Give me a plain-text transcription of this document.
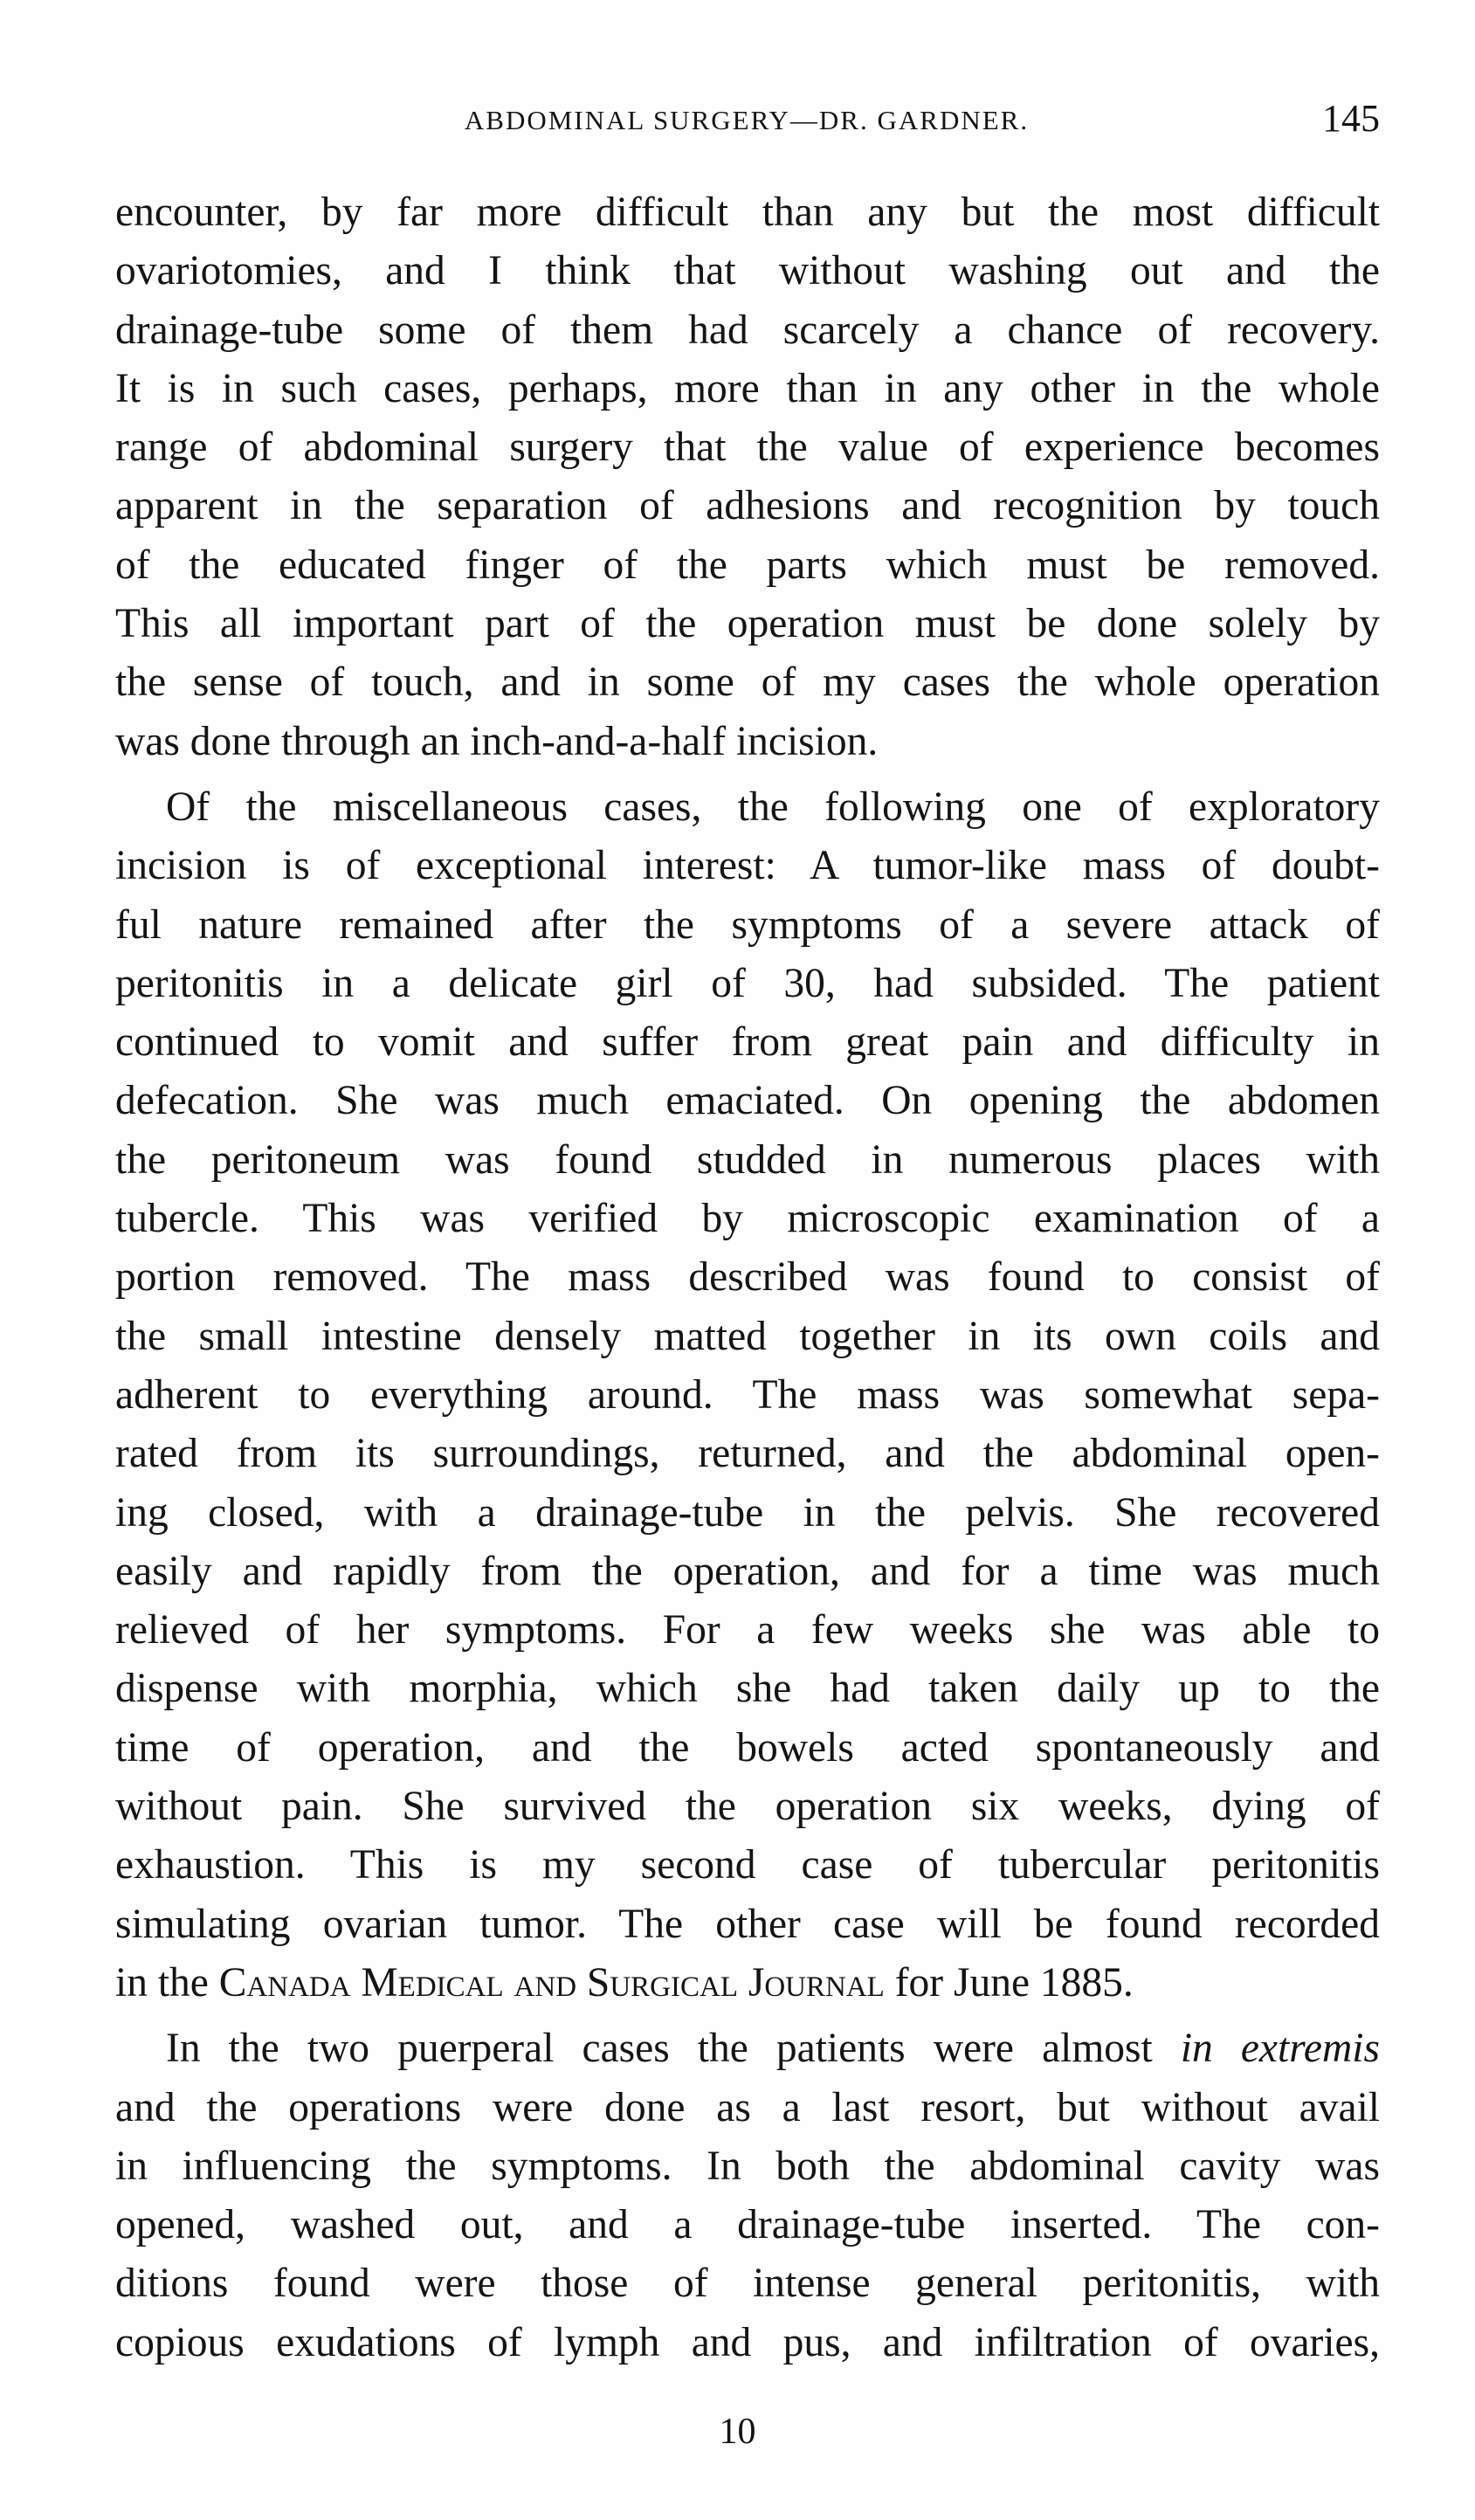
ABDOMINAL SURGERY—DR. GARDNER.	145
encounter, by far more difficult than any but the most difficult
ovariotomies, and I think that without washing out and the
drainage-tube some of them had scarcely a chance of recovery.
It is in such cases, perhaps, more than in any other in the whole
range of abdominal surgery that the value of experience becomes
apparent in the separation of adhesions and recognition by touch
of the educated finger of the parts which must be removed.
This all important part of the operation must be done solely by
the sense of touch, and in some of my cases the whole operation
was done through an inch-and-a-half incision.
Of the miscellaneous cases, the following one of exploratory
incision is of exceptional interest: A tumor-like mass of doubt-
ful nature remained after the symptoms of a severe attack of
peritonitis in a delicate girl of 30, had subsided. The patient
continued to vomit and suffer from great pain and difficulty in
defecation. She was much emaciated. On opening the abdomen
the peritoneum was found studded in numerous places with
tubercle. This was verified by microscopic examination of a
portion removed. The mass described was found to consist of
the small intestine densely matted together in its own coils and
adherent to everything around. The mass was somewhat sepa-
rated from its surroundings, returned, and the abdominal open-
ing closed, with a drainage-tube in the pelvis. She recovered
easily and rapidly from the operation, and for a time was much
relieved of her symptoms. For a few weeks she was able to
dispense with morphia, which she had taken daily up to the
time of operation, and the bowels acted spontaneously and
without pain. She survived the operation six weeks, dying of
exhaustion. This is my second case of tubercular peritonitis
simulating ovarian tumor. The other case will be found recorded
in the Canada Medical and Surgical Journal for June 1885.
In the two puerperal cases the patients were almost in extremis
and the operations were done as a last resort, but without avail
in influencing the symptoms. In both the abdominal cavity was
opened, washed out, and a drainage-tube inserted. The con-
ditions found were those of intense general peritonitis, with
copious exudations of lymph and pus, and infiltration of ovaries,
10
